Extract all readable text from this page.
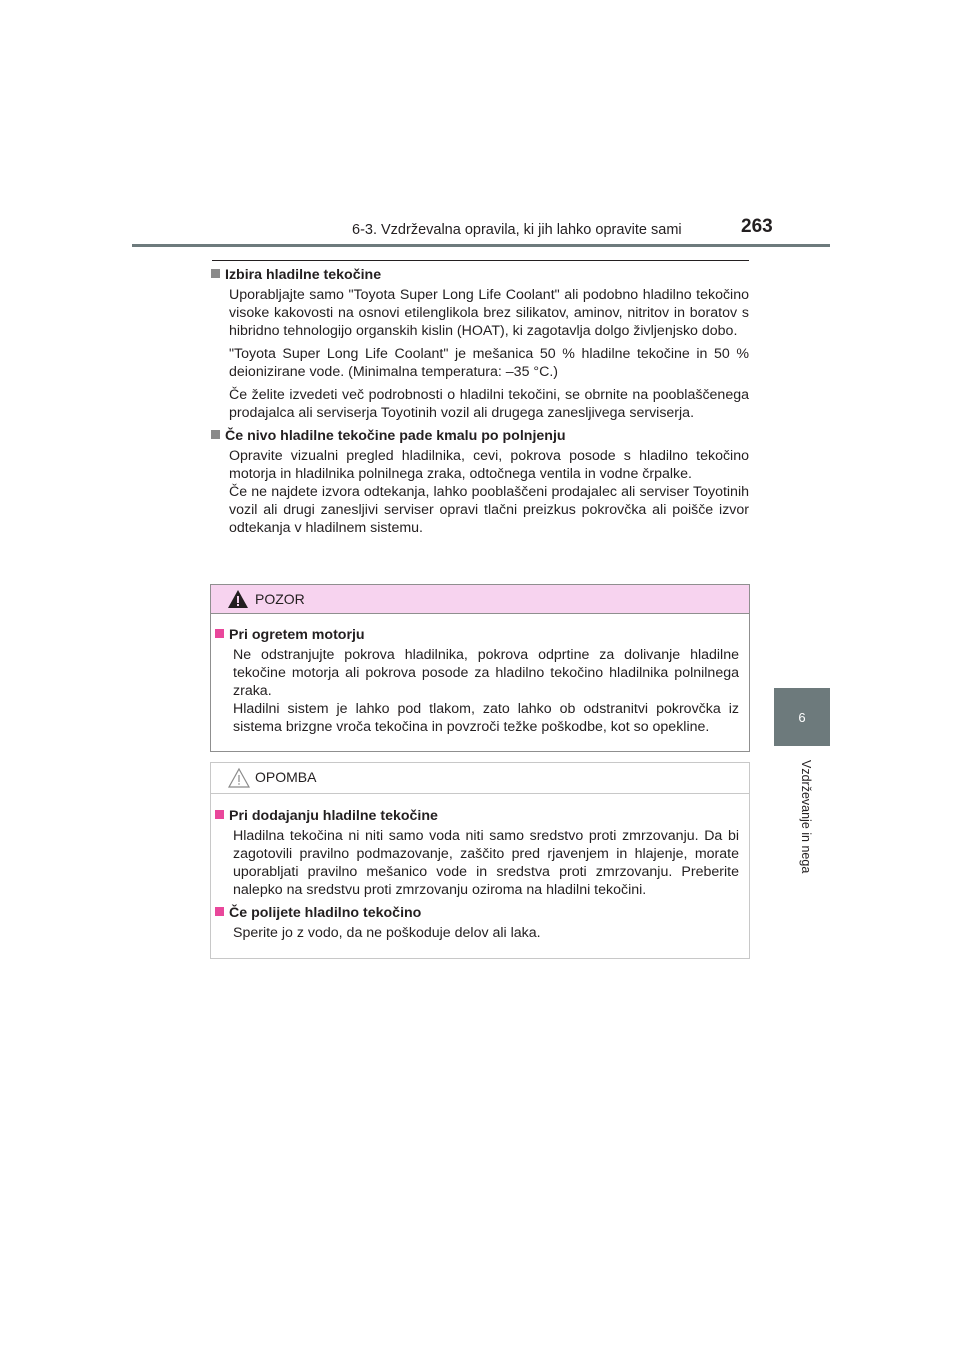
6-3. Vzdrževalna opravila, ki jih lahko opravite sami	263
6
Vzdrževanje in nega
Izbira hladilne tekočine

Uporabljajte samo "Toyota Super Long Life Coolant" ali podobno hladilno tekočino visoke kakovosti na osnovi etilenglikola brez silikatov, aminov, nitritov in boratov s hibridno tehnologijo organskih kislin (HOAT), ki zagotavlja dolgo življenjsko dobo.

"Toyota Super Long Life Coolant" je mešanica 50 % hladilne tekočine in 50 % deionizirane vode. (Minimalna temperatura: –35 °C.)

Če želite izvedeti več podrobnosti o hladilni tekočini, se obrnite na pooblaščenega prodajalca ali serviserja Toyotinih vozil ali drugega zanesljivega serviserja.

Če nivo hladilne tekočine pade kmalu po polnjenju

Opravite vizualni pregled hladilnika, cevi, pokrova posode s hladilno tekočino motorja in hladilnika polnilnega zraka, odtočnega ventila in vodne črpalke.

Če ne najdete izvora odtekanja, lahko pooblaščeni prodajalec ali serviser Toyotinih vozil ali drugi zanesljivi serviser opravi tlačni preizkus pokrovčka ali poišče izvor odtekanja v hladilnem sistemu.

POZOR
Pri ogretem motorju

Ne odstranjujte pokrova hladilnika, pokrova odprtine za dolivanje hladilne tekočine motorja ali pokrova posode za hladilno tekočino hladilnika polnilnega zraka.

Hladilni sistem je lahko pod tlakom, zato lahko ob odstranitvi pokrovčka iz sistema brizgne vroča tekočina in povzroči težke poškodbe, kot so opekline.

OPOMBA
Pri dodajanju hladilne tekočine

Hladilna tekočina ni niti samo voda niti samo sredstvo proti zmrzovanju. Da bi zagotovili pravilno podmazovanje, zaščito pred rjavenjem in hlajenje, morate uporabljati pravilno mešanico vode in sredstva proti zmrzovanju. Preberite nalepko na sredstvu proti zmrzovanju oziroma na hladilni tekočini.

Če polijete hladilno tekočino

Sperite jo z vodo, da ne poškoduje delov ali laka.
